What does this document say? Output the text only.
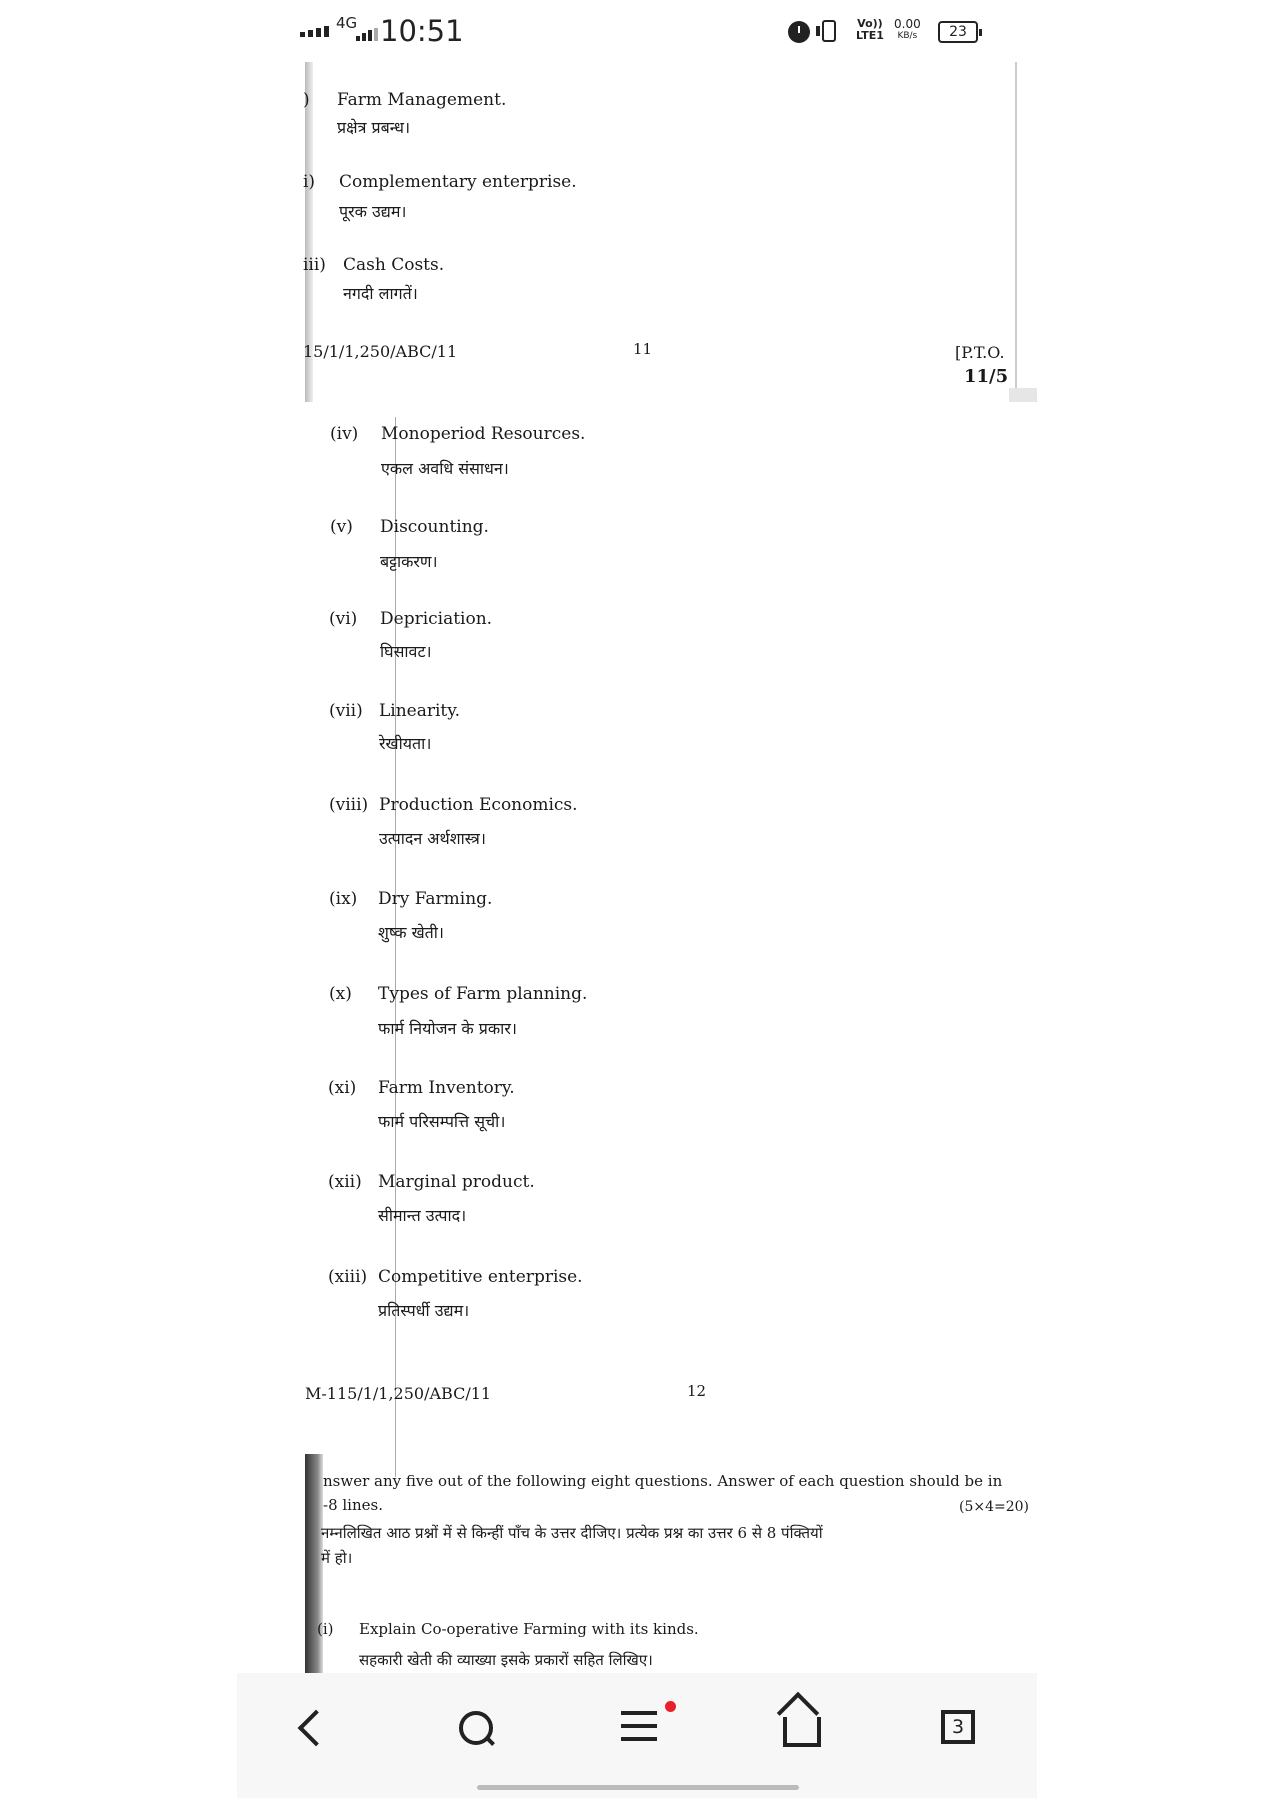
4G 10:51	Vo))
LTE1
0.00
KB/s	23
) Farm Management.
प्रक्षेत्र प्रबन्ध।
i) Complementary enterprise.
पूरक उद्यम।
iii) Cash Costs.
नगदी लागतें।
15/1/1,250/ABC/11	11	[P.T.O.
11/5
(iv) Monoperiod Resources.
एकल अवधि संसाधन।
(v) Discounting.
बट्टाकरण।
(vi) Depriciation.
घिसावट।
(vii) Linearity.
रेखीयता।
(viii) Production Economics.
उत्पादन अर्थशास्त्र।
(ix) Dry Farming.
शुष्क खेती।
(x) Types of Farm planning.
फार्म नियोजन के प्रकार।
(xi) Farm Inventory.
फार्म परिसम्पत्ति सूची।
(xii) Marginal product.
सीमान्त उत्पाद।
(xiii) Competitive enterprise.
प्रतिस्पर्धी उद्यम।
M-115/1/1,250/ABC/11	12
nswer any five out of the following eight questions. Answer of each question should be in
-8 lines.	(5×4=20)
नम्नलिखित आठ प्रश्नों में से किन्हीं पाँच के उत्तर दीजिए। प्रत्येक प्रश्न का उत्तर 6 से 8 पंक्तियों
में हो।
(i) Explain Co-operative Farming with its kinds.
सहकारी खेती की व्याख्या इसके प्रकारों सहित लिखिए।
3
